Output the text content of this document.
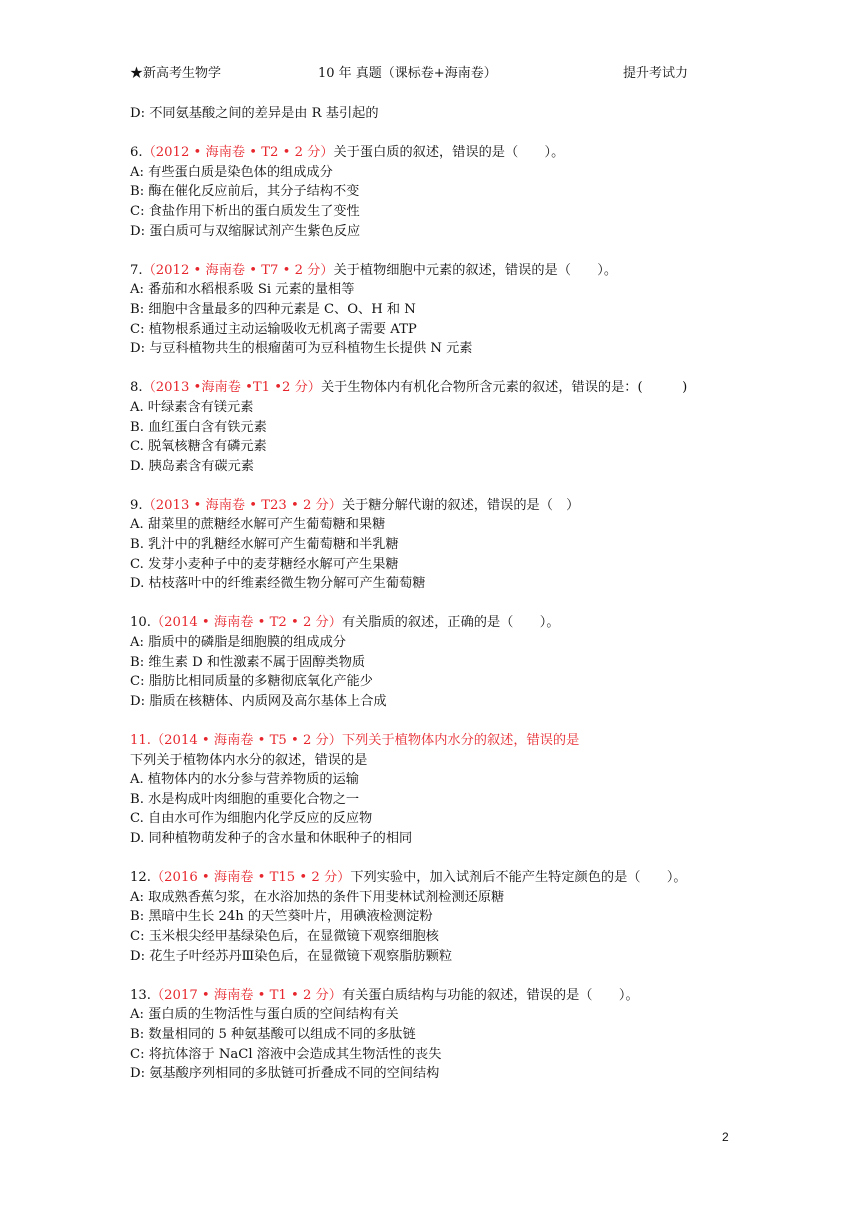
★新高考生物学	10 年 真题（课标卷+海南卷）	提升考试力
D: 不同氨基酸之间的差异是由 R 基引起的
6.（2012 • 海南卷 • T2 • 2 分）关于蛋白质的叙述，错误的是（　　）。
A: 有些蛋白质是染色体的组成成分
B: 酶在催化反应前后，其分子结构不变
C: 食盐作用下析出的蛋白质发生了变性
D: 蛋白质可与双缩脲试剂产生紫色反应
7.（2012 • 海南卷 • T7 • 2 分）关于植物细胞中元素的叙述，错误的是（　　）。
A: 番茄和水稻根系吸 Si 元素的量相等
B: 细胞中含量最多的四种元素是 C、O、H 和 N
C: 植物根系通过主动运输吸收无机离子需要 ATP
D: 与豆科植物共生的根瘤菌可为豆科植物生长提供 N 元素
8.（2013 •海南卷 •T1 •2 分）关于生物体内有机化合物所含元素的叙述，错误的是：(　　　)
A. 叶绿素含有镁元素
B. 血红蛋白含有铁元素
C. 脱氧核糖含有磷元素
D. 胰岛素含有碳元素
9.（2013 • 海南卷 • T23 • 2 分）关于糖分解代谢的叙述，错误的是（　）
A. 甜菜里的蔗糖经水解可产生葡萄糖和果糖
B. 乳汁中的乳糖经水解可产生葡萄糖和半乳糖
C. 发芽小麦种子中的麦芽糖经水解可产生果糖
D. 枯枝落叶中的纤维素经微生物分解可产生葡萄糖
10.（2014 • 海南卷 • T2 • 2 分）有关脂质的叙述，正确的是（　　）。
A: 脂质中的磷脂是细胞膜的组成成分
B: 维生素 D 和性激素不属于固醇类物质
C: 脂肪比相同质量的多糖彻底氧化产能少
D: 脂质在核糖体、内质网及高尔基体上合成
11.（2014 • 海南卷 • T5 • 2 分）下列关于植物体内水分的叙述，错误的是
下列关于植物体内水分的叙述，错误的是
A. 植物体内的水分参与营养物质的运输
B. 水是构成叶肉细胞的重要化合物之一
C. 自由水可作为细胞内化学反应的反应物
D. 同种植物萌发种子的含水量和休眠种子的相同
12.（2016 • 海南卷 • T15 • 2 分）下列实验中，加入试剂后不能产生特定颜色的是（　　）。
A: 取成熟香蕉匀浆，在水浴加热的条件下用斐林试剂检测还原糖
B: 黑暗中生长 24h 的天竺葵叶片，用碘液检测淀粉
C: 玉米根尖经甲基绿染色后，在显微镜下观察细胞核
D: 花生子叶经苏丹Ⅲ染色后，在显微镜下观察脂肪颗粒
13.（2017 • 海南卷 • T1 • 2 分）有关蛋白质结构与功能的叙述，错误的是（　　）。
A: 蛋白质的生物活性与蛋白质的空间结构有关
B: 数量相同的 5 种氨基酸可以组成不同的多肽链
C: 将抗体溶于 NaCl 溶液中会造成其生物活性的丧失
D: 氨基酸序列相同的多肽链可折叠成不同的空间结构
2
